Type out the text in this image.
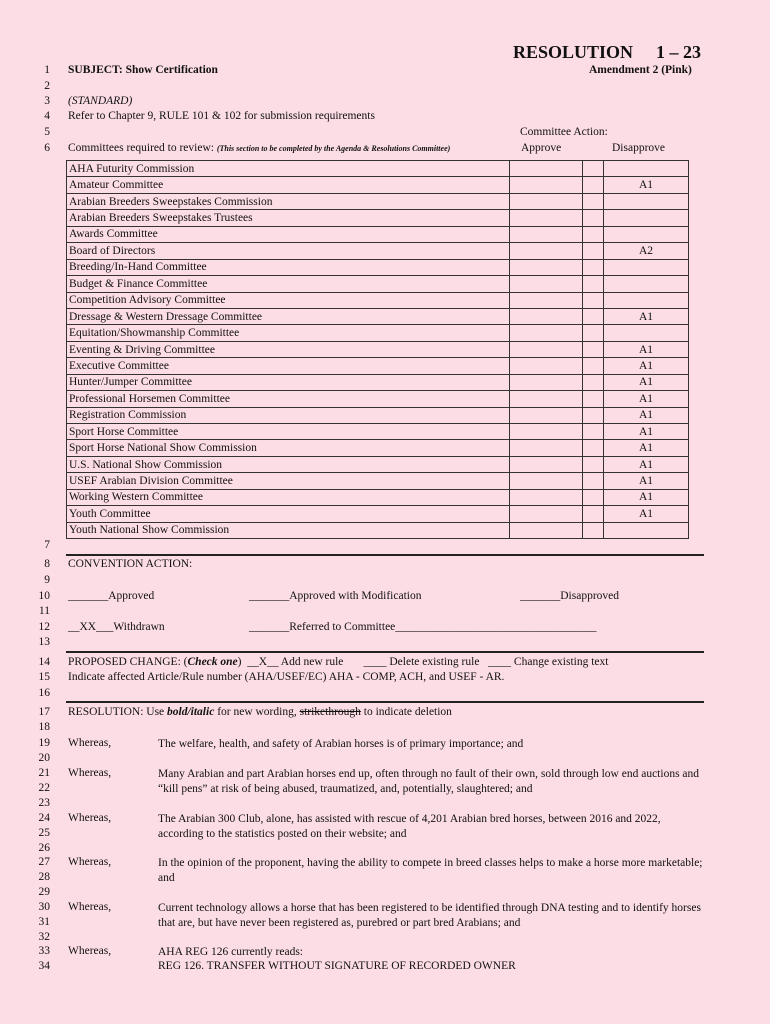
RESOLUTION 1 – 23
Amendment 2 (Pink)
1
2
3
4
5
6
7
8
9
10
11
12
13
14
15
16
17
18
19
20
21
22
23
24
25
26
27
28
29
30
31
32
33
34
SUBJECT: Show Certification
(STANDARD)
Refer to Chapter 9, RULE 101 & 102 for submission requirements
Committee Action:
Committees required to review: (This section to be completed by the Agenda & Resolutions Committee)	Approve	Disapprove
AHA Futurity Commission			
Amateur Committee			A1
Arabian Breeders Sweepstakes Commission			
Arabian Breeders Sweepstakes Trustees			
Awards Committee			
Board of Directors			A2
Breeding/In-Hand Committee			
Budget & Finance Committee			
Competition Advisory Committee			
Dressage & Western Dressage Committee			A1
Equitation/Showmanship Committee			
Eventing & Driving Committee			A1
Executive Committee			A1
Hunter/Jumper Committee			A1
Professional Horsemen Committee			A1
Registration Commission			A1
Sport Horse Committee			A1
Sport Horse National Show Commission			A1
U.S. National Show Commission			A1
USEF Arabian Division Committee			A1
Working Western Committee			A1
Youth Committee			A1
Youth National Show Commission			
CONVENTION ACTION:
_______Approved	_______Approved with Modification	_______Disapproved
__XX___Withdrawn	_______Referred to Committee___________________________________
PROPOSED CHANGE: (Check one)  __X__ Add new rule       ____ Delete existing rule   ____ Change existing text
Indicate affected Article/Rule number (AHA/USEF/EC) AHA - COMP, ACH, and USEF - AR.
RESOLUTION: Use bold/italic for new wording, strikethrough to indicate deletion
Whereas,	The welfare, health, and safety of Arabian horses is of primary importance; and
Whereas,	Many Arabian and part Arabian horses end up, often through no fault of their own, sold through low end auctions and “kill pens” at risk of being abused, traumatized, and, potentially, slaughtered; and
Whereas,	The Arabian 300 Club, alone, has assisted with rescue of 4,201 Arabian bred horses, between 2016 and 2022, according to the statistics posted on their website; and
Whereas,	In the opinion of the proponent, having the ability to compete in breed classes helps to make a horse more marketable; and
Whereas,	Current technology allows a horse that has been registered to be identified through DNA testing and to identify horses that are, but have never been registered as, purebred or part bred Arabians; and
Whereas,	AHA REG 126 currently reads:
REG 126. TRANSFER WITHOUT SIGNATURE OF RECORDED OWNER
